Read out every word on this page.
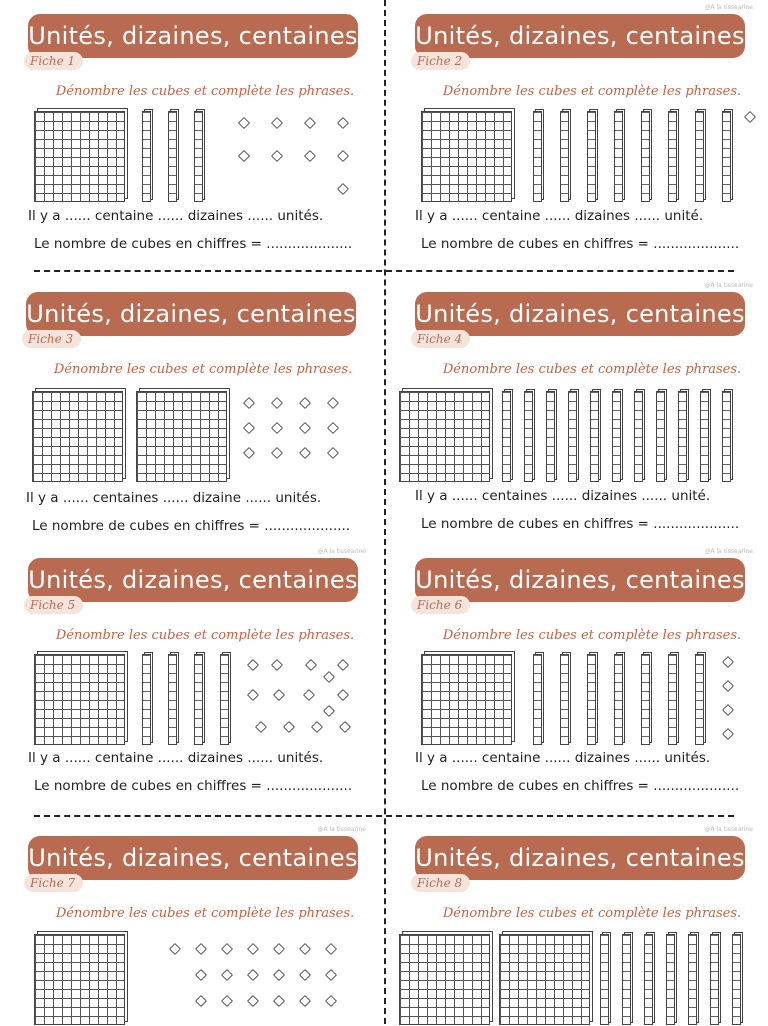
Unités, dizaines, centaines
Fiche 1
Dénombre les cubes et complète les phrases.
Il y a ...... centaine ...... dizaines ...... unités.
Le nombre de cubes en chiffres = ....................
@A la tissearine
Unités, dizaines, centaines
Fiche 2
Dénombre les cubes et complète les phrases.
Il y a ...... centaine ...... dizaines ...... unité.
Le nombre de cubes en chiffres = ....................
Unités, dizaines, centaines
Fiche 3
Dénombre les cubes et complète les phrases.
Il y a ...... centaines ...... dizaine ...... unités.
Le nombre de cubes en chiffres = ....................
@A la tissearine
Unités, dizaines, centaines
Fiche 4
Dénombre les cubes et complète les phrases.
Il y a ...... centaines ...... dizaines ...... unité.
Le nombre de cubes en chiffres = ....................
@A la tissearine
Unités, dizaines, centaines
Fiche 5
Dénombre les cubes et complète les phrases.
Il y a ...... centaine ...... dizaines ...... unités.
Le nombre de cubes en chiffres = ....................
@A la tissearine
Unités, dizaines, centaines
Fiche 6
Dénombre les cubes et complète les phrases.
Il y a ...... centaine ...... dizaines ...... unités.
Le nombre de cubes en chiffres = ....................
@A la tissearine
Unités, dizaines, centaines
Fiche 7
Dénombre les cubes et complète les phrases.
@A la tissearine
Unités, dizaines, centaines
Fiche 8
Dénombre les cubes et complète les phrases.
